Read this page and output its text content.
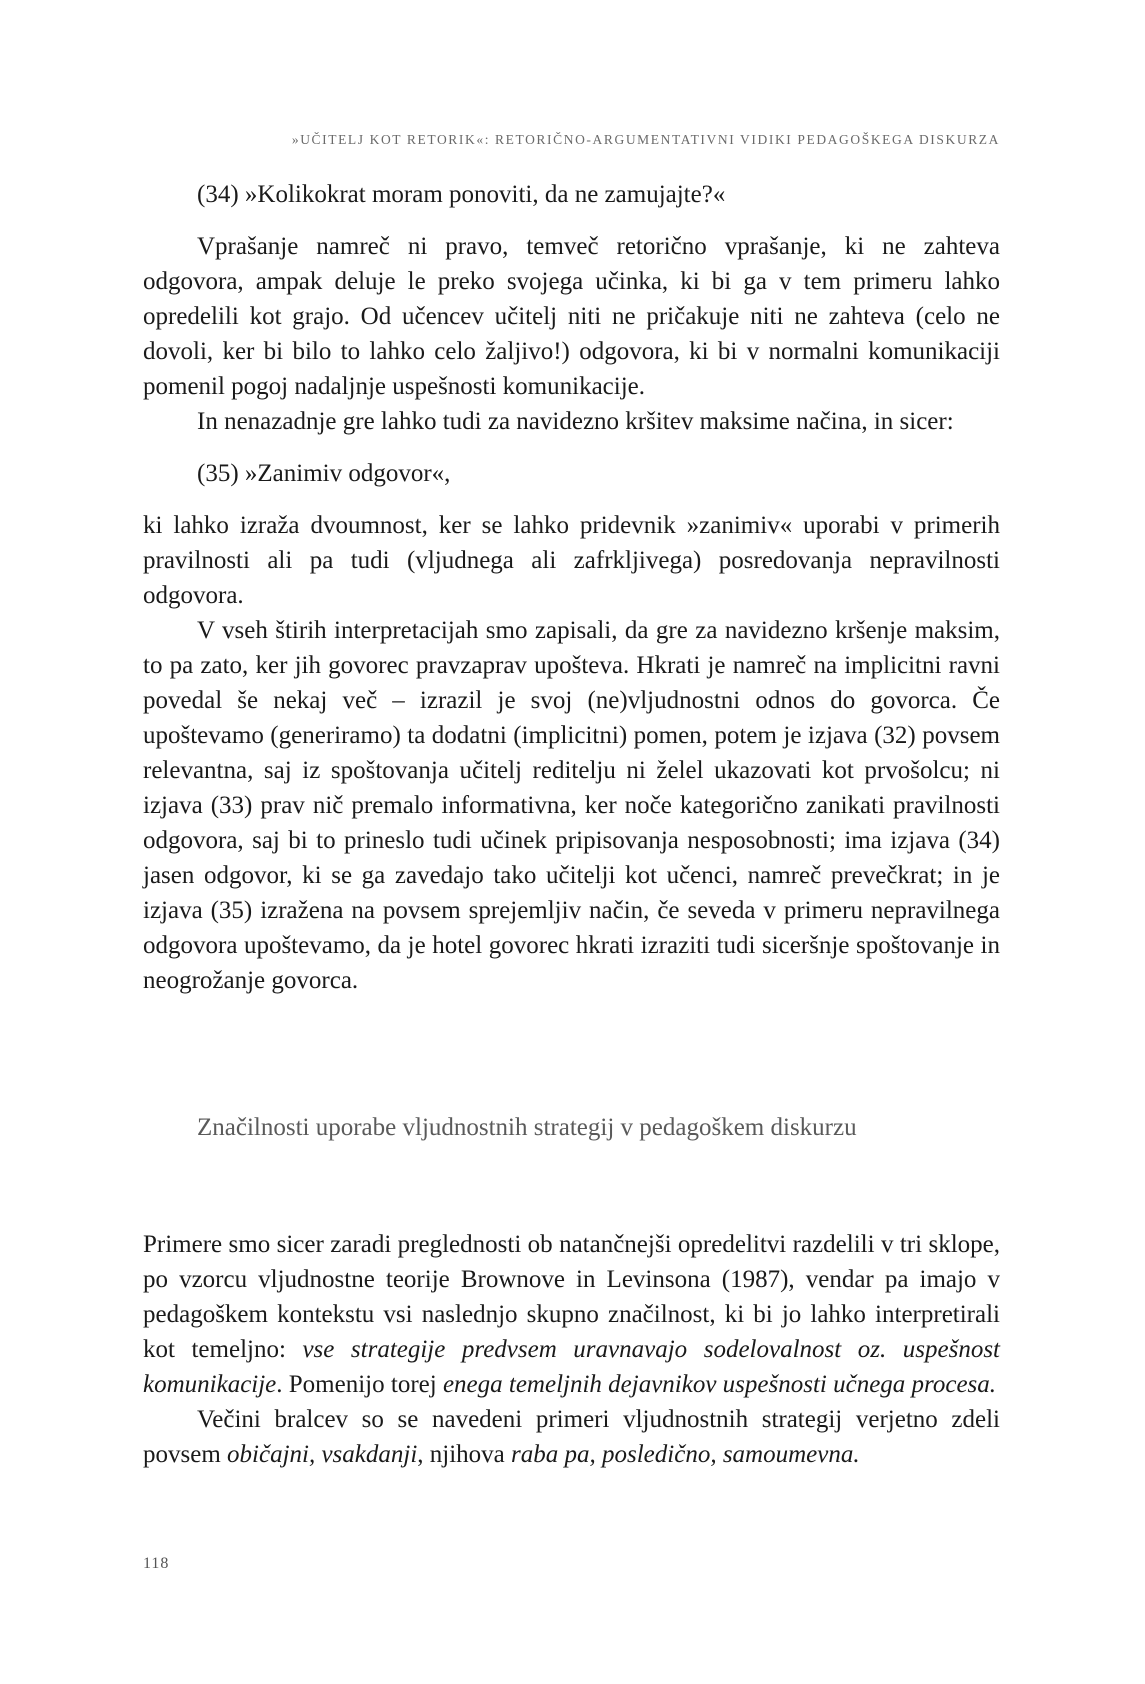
»UČITELJ KOT RETORIK«: RETORIČNO-ARGUMENTATIVNI VIDIKI PEDAGOŠKEGA DISKURZA

(34) »Kolikokrat moram ponoviti, da ne zamujajte?«

Vprašanje namreč ni pravo, temveč retorično vprašanje, ki ne zahteva odgovora, ampak deluje le preko svojega učinka, ki bi ga v tem primeru lahko opredelili kot grajo. Od učencev učitelj niti ne pričakuje niti ne zahteva (celo ne dovoli, ker bi bilo to lahko celo žaljivo!) odgovora, ki bi v normalni komunikaciji pomenil pogoj nadaljnje uspešnosti komunikacije.

In nenazadnje gre lahko tudi za navidezno kršitev maksime načina, in sicer:

(35) »Zanimiv odgovor«,

ki lahko izraža dvoumnost, ker se lahko pridevnik »zanimiv« uporabi v primerih pravilnosti ali pa tudi (vljudnega ali zafrkljivega) posredovanja nepravilnosti odgovora.

V vseh štirih interpretacijah smo zapisali, da gre za navidezno kršenje maksim, to pa zato, ker jih govorec pravzaprav upošteva. Hkrati je namreč na implicitni ravni povedal še nekaj več – izrazil je svoj (ne)vljudnostni odnos do govorca. Če upoštevamo (generiramo) ta dodatni (implicitni) pomen, potem je izjava (32) povsem relevantna, saj iz spoštovanja učitelj reditelju ni želel ukazovati kot prvošolcu; ni izjava (33) prav nič premalo informativna, ker noče kategorično zanikati pravilnosti odgovora, saj bi to prineslo tudi učinek pripisovanja nesposobnosti; ima izjava (34) jasen odgovor, ki se ga zavedajo tako učitelji kot učenci, namreč prevečkrat; in je izjava (35) izražena na povsem sprejemljiv način, če seveda v primeru nepravilnega odgovora upoštevamo, da je hotel govorec hkrati izraziti tudi siceršnje spoštovanje in neogrožanje govorca.

Značilnosti uporabe vljudnostnih strategij v pedagoškem diskurzu

Primere smo sicer zaradi preglednosti ob natančnejši opredelitvi razdelili v tri sklope, po vzorcu vljudnostne teorije Brownove in Levinsona (1987), vendar pa imajo v pedagoškem kontekstu vsi naslednjo skupno značilnost, ki bi jo lahko interpretirali kot temeljno: vse strategije predvsem uravnavajo sodelovalnost oz. uspešnost komunikacije. Pomenijo torej enega temeljnih dejavnikov uspešnosti učnega procesa.

Večini bralcev so se navedeni primeri vljudnostnih strategij verjetno zdeli povsem običajni, vsakdanji, njihova raba pa, posledično, samoumevna.

118
